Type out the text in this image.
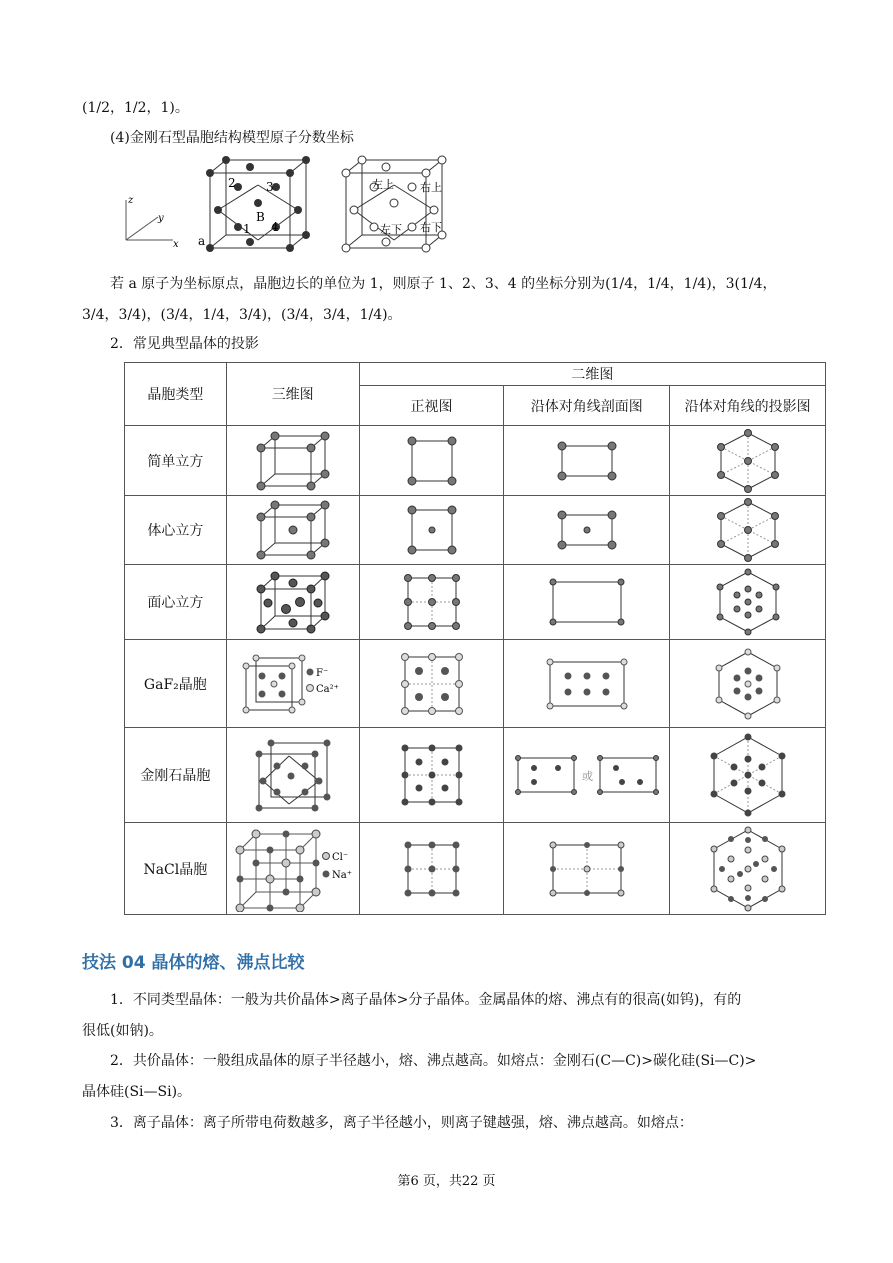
(1/2，1/2，1)。
(4)金刚石型晶胞结构模型原子分数坐标
z
y
x
2	3
B
1 4
a
左上 右上
左下 右下
若 a 原子为坐标原点，晶胞边长的单位为 1，则原子 1、2、3、4 的坐标分别为(1/4，1/4，1/4)，3(1/4，
3/4，3/4)，(3/4，1/4，3/4)，(3/4，3/4，1/4)。
2．常见典型晶体的投影
晶胞类型	三维图	二维图		
		正视图	沿体对角线剖面图	沿体对角线的投影图
简单立方	

体心立方	

面心立方	

GaF₂晶胞	F⁻
Ca²⁺

金刚石晶胞			或

NaCl晶胞	Cl⁻
Na⁺

技法 04 晶体的熔、沸点比较
1．不同类型晶体：一般为共价晶体>离子晶体>分子晶体。金属晶体的熔、沸点有的很高(如钨)，有的
很低(如钠)。
2．共价晶体：一般组成晶体的原子半径越小，熔、沸点越高。如熔点：金刚石(C—C)>碳化硅(Si—C)>
晶体硅(Si—Si)。
3．离子晶体：离子所带电荷数越多，离子半径越小，则离子键越强，熔、沸点越高。如熔点：
第6 页，共22 页
